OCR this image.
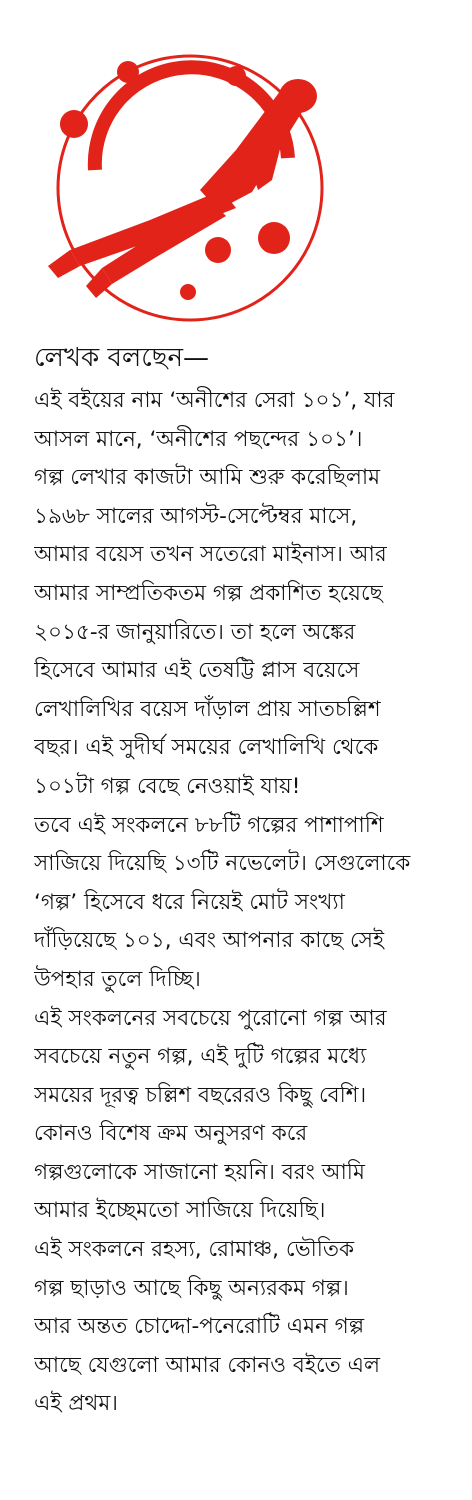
লেখক বলছেন—
এই বইয়ের নাম ‘অনীশের সেরা ১০১’, যার
আসল মানে, ‘অনীশের পছন্দের ১০১’।
গল্প লেখার কাজটা আমি শুরু করেছিলাম
১৯৬৮ সালের আগস্ট-সেপ্টেম্বর মাসে,
আমার বয়েস তখন সতেরো মাইনাস। আর
আমার সাম্প্রতিকতম গল্প প্রকাশিত হয়েছে
২০১৫-র জানুয়ারিতে। তা হলে অঙ্কের
হিসেবে আমার এই তেষট্টি প্লাস বয়েসে
লেখালিখির বয়েস দাঁড়াল প্রায় সাতচল্লিশ
বছর। এই সুদীর্ঘ সময়ের লেখালিখি থেকে
১০১টা গল্প বেছে নেওয়াই যায়!
তবে এই সংকলনে ৮৮টি গল্পের পাশাপাশি
সাজিয়ে দিয়েছি ১৩টি নভেলেট। সেগুলোকে
‘গল্প’ হিসেবে ধরে নিয়েই মোট সংখ্যা
দাঁড়িয়েছে ১০১, এবং আপনার কাছে সেই
উপহার তুলে দিচ্ছি।
এই সংকলনের সবচেয়ে পুরোনো গল্প আর
সবচেয়ে নতুন গল্প, এই দুটি গল্পের মধ্যে
সময়ের দূরত্ব চল্লিশ বছরেরও কিছু বেশি।
কোনও বিশেষ ক্রম অনুসরণ করে
গল্পগুলোকে সাজানো হয়নি। বরং আমি
আমার ইচ্ছেমতো সাজিয়ে দিয়েছি।
এই সংকলনে রহস্য, রোমাঞ্চ, ভৌতিক
গল্প ছাড়াও আছে কিছু অন্যরকম গল্প।
আর অন্তত চোদ্দো-পনেরোটি এমন গল্প
আছে যেগুলো আমার কোনও বইতে এল
এই প্রথম।
